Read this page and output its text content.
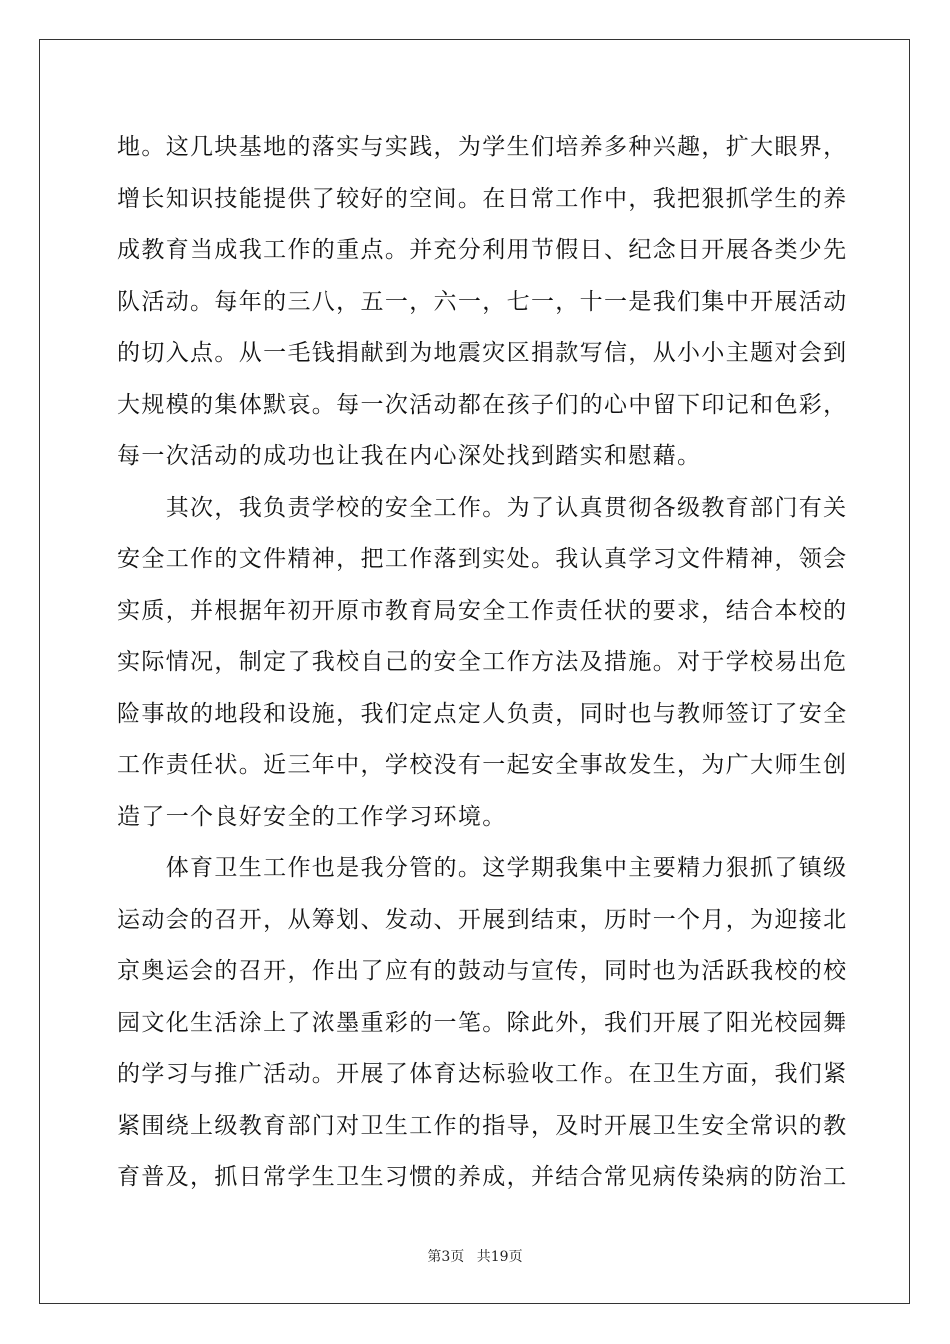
地。这几块基地的落实与实践，为学生们培养多种兴趣，扩大眼界，
增长知识技能提供了较好的空间。在日常工作中，我把狠抓学生的养
成教育当成我工作的重点。并充分利用节假日、纪念日开展各类少先
队活动。每年的三八，五一，六一，七一，十一是我们集中开展活动
的切入点。从一毛钱捐献到为地震灾区捐款写信，从小小主题对会到
大规模的集体默哀。每一次活动都在孩子们的心中留下印记和色彩，
每一次活动的成功也让我在内心深处找到踏实和慰藉。
　　其次，我负责学校的安全工作。为了认真贯彻各级教育部门有关
安全工作的文件精神，把工作落到实处。我认真学习文件精神，领会
实质，并根据年初开原市教育局安全工作责任状的要求，结合本校的
实际情况，制定了我校自己的安全工作方法及措施。对于学校易出危
险事故的地段和设施，我们定点定人负责，同时也与教师签订了安全
工作责任状。近三年中，学校没有一起安全事故发生，为广大师生创
造了一个良好安全的工作学习环境。
　　体育卫生工作也是我分管的。这学期我集中主要精力狠抓了镇级
运动会的召开，从筹划、发动、开展到结束，历时一个月，为迎接北
京奥运会的召开，作出了应有的鼓动与宣传，同时也为活跃我校的校
园文化生活涂上了浓墨重彩的一笔。除此外，我们开展了阳光校园舞
的学习与推广活动。开展了体育达标验收工作。在卫生方面，我们紧
紧围绕上级教育部门对卫生工作的指导，及时开展卫生安全常识的教
育普及，抓日常学生卫生习惯的养成，并结合常见病传染病的防治工
第3页 共19页
